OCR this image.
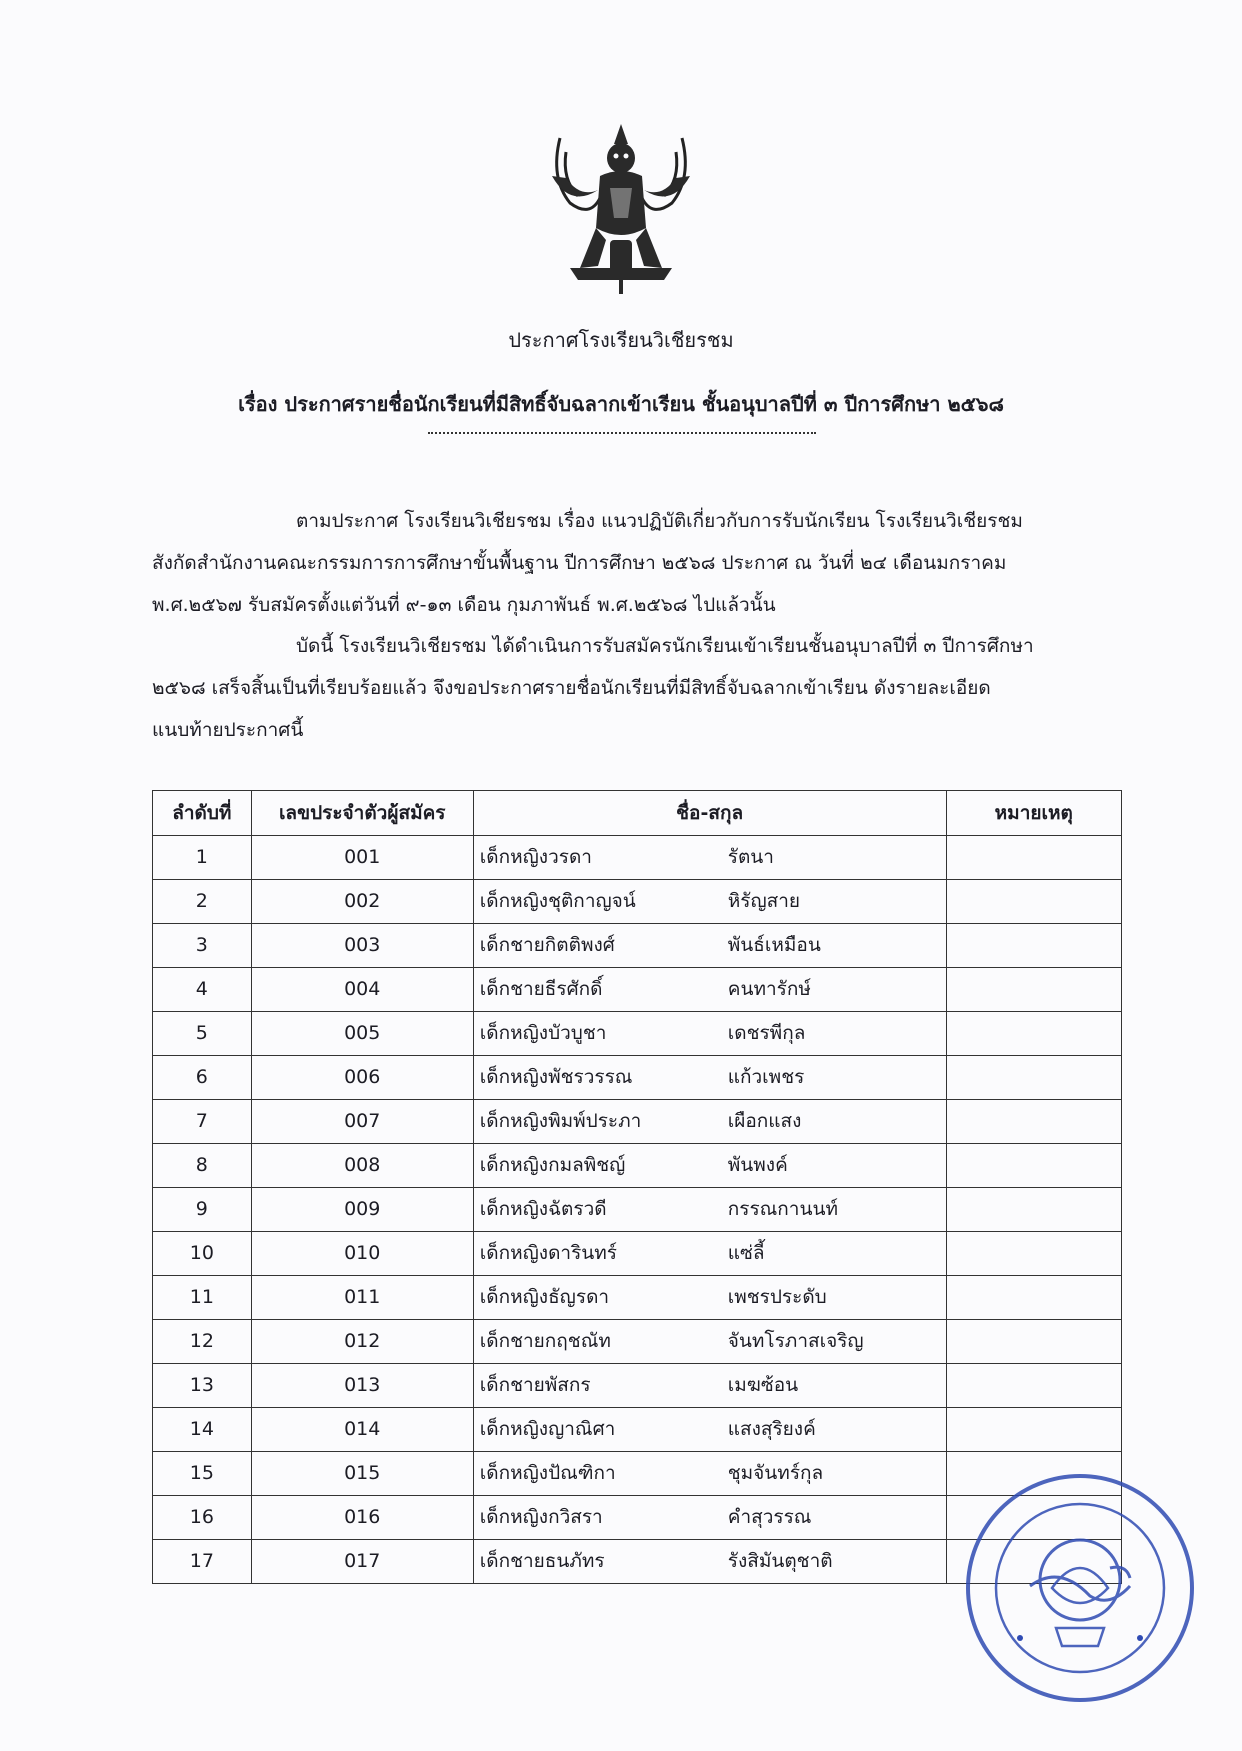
ประกาศโรงเรียนวิเชียรชม
เรื่อง ประกาศรายชื่อนักเรียนที่มีสิทธิ์จับฉลากเข้าเรียน ชั้นอนุบาลปีที่ ๓ ปีการศึกษา ๒๕๖๘
ตามประกาศ โรงเรียนวิเชียรชม เรื่อง แนวปฏิบัติเกี่ยวกับการรับนักเรียน โรงเรียนวิเชียรชม
สังกัดสำนักงานคณะกรรมการการศึกษาขั้นพื้นฐาน ปีการศึกษา ๒๕๖๘ ประกาศ ณ วันที่ ๒๔ เดือนมกราคม
พ.ศ.๒๕๖๗ รับสมัครตั้งแต่วันที่ ๙-๑๓ เดือน กุมภาพันธ์ พ.ศ.๒๕๖๘ ไปแล้วนั้น
บัดนี้ โรงเรียนวิเชียรชม ได้ดำเนินการรับสมัครนักเรียนเข้าเรียนชั้นอนุบาลปีที่ ๓ ปีการศึกษา
๒๕๖๘ เสร็จสิ้นเป็นที่เรียบร้อยแล้ว จึงขอประกาศรายชื่อนักเรียนที่มีสิทธิ์จับฉลากเข้าเรียน ดังรายละเอียด
แนบท้ายประกาศนี้
ลำดับที่	เลขประจำตัวผู้สมัคร	ชื่อ-สกุล	หมายเหตุ
1	001	เด็กหญิงวรดา รัตนา	
2	002	เด็กหญิงชุติกาญจน์ หิรัญสาย	
3	003	เด็กชายกิตติพงศ์ พันธ์เหมือน	
4	004	เด็กชายธีรศักดิ์ คนทารักษ์	
5	005	เด็กหญิงบัวบูชา เดชรพีกุล	
6	006	เด็กหญิงพัชรวรรณ แก้วเพชร	
7	007	เด็กหญิงพิมพ์ประภา เผือกแสง	
8	008	เด็กหญิงกมลพิชญ์ พันพงค์	
9	009	เด็กหญิงฉัตรวดี กรรณกานนท์	
10	010	เด็กหญิงดารินทร์ แซ่ลี้	
11	011	เด็กหญิงธัญรดา เพชรประดับ	
12	012	เด็กชายกฤชณัท จันทโรภาสเจริญ	
13	013	เด็กชายพัสกร เมฆซ้อน	
14	014	เด็กหญิงญาณิศา แสงสุริยงค์	
15	015	เด็กหญิงปัณฑิกา ชุมจันทร์กุล	
16	016	เด็กหญิงกวิสรา คำสุวรรณ	
17	017	เด็กชายธนภัทร รังสิมันตุชาติ	
